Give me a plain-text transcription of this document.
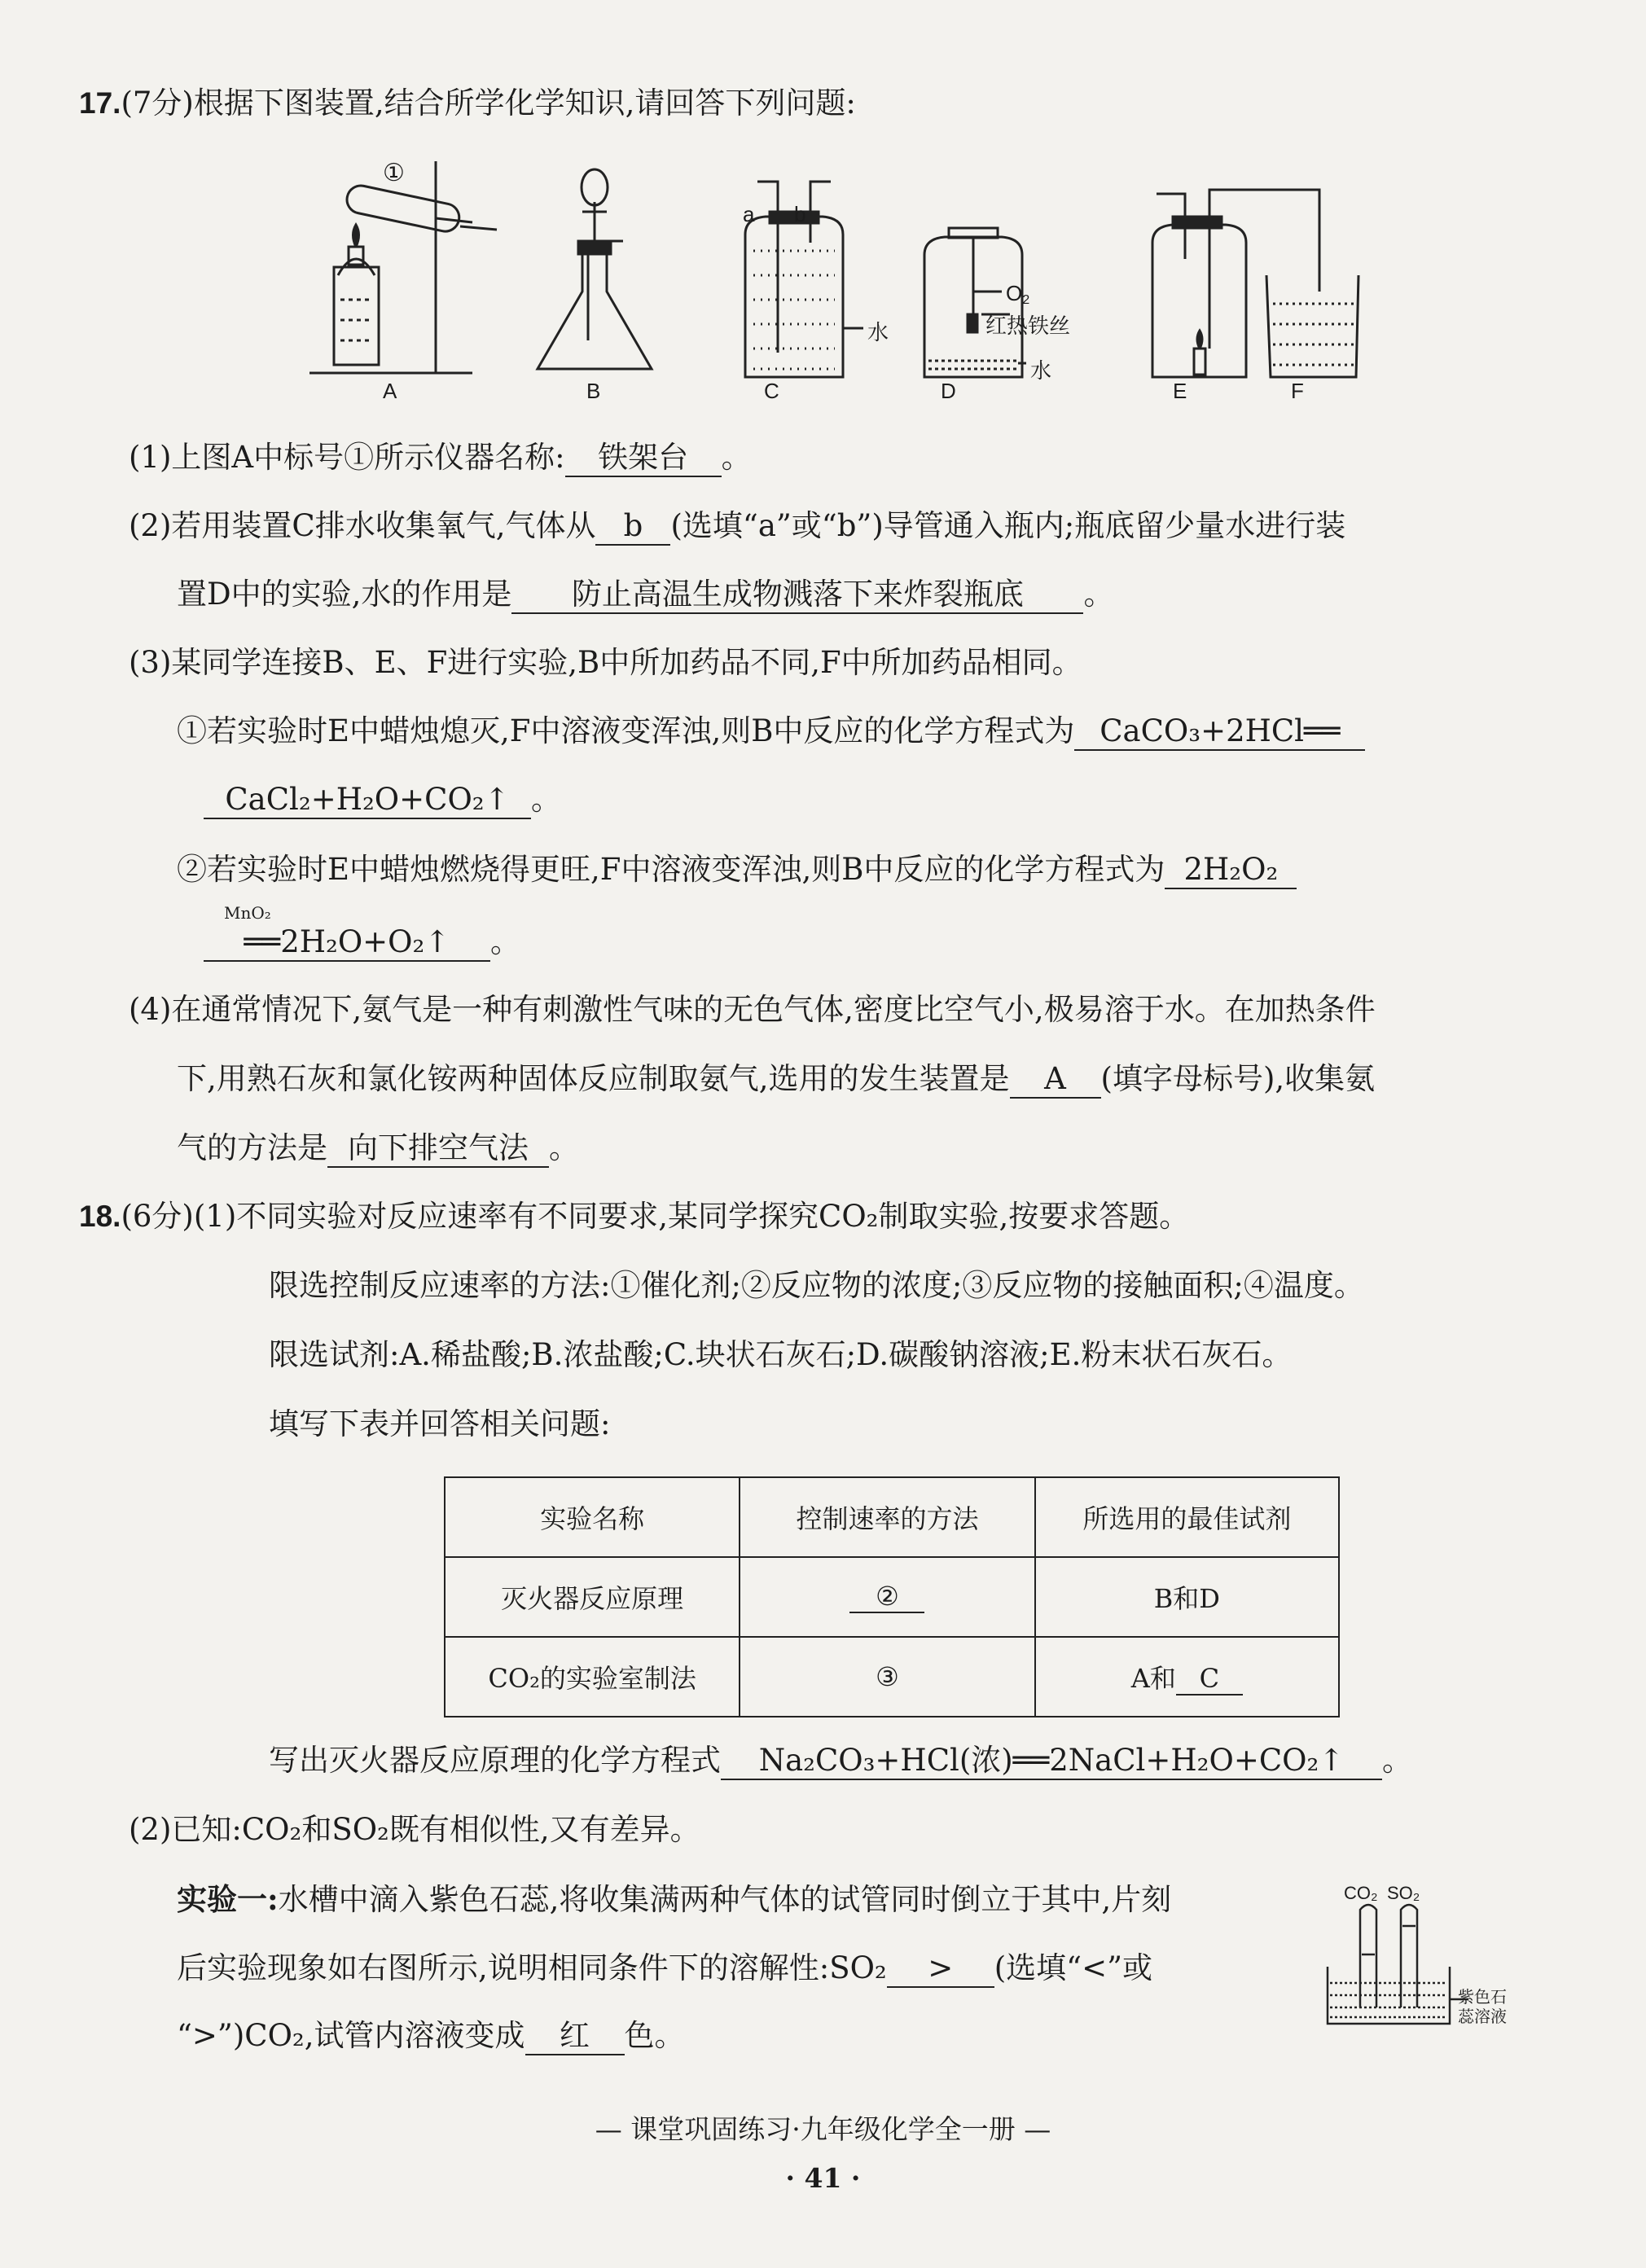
17.(7分)根据下图装置,结合所学化学知识,请回答下列问题:
①
A	B	C	D	E	F
a b
水
$O_2$
红热铁丝
水
(1)上图A中标号①所示仪器名称: 铁架台 。
(2)若用装置C排水收集氧气,气体从 b (选填“a”或“b”)导管通入瓶内;瓶底留少量水进行装
置D中的实验,水的作用是 防止高温生成物溅落下来炸裂瓶底 。
(3)某同学连接B、E、F进行实验,B中所加药品不同,F中所加药品相同。
①若实验时E中蜡烛熄灭,F中溶液变浑浊,则B中反应的化学方程式为 CaCO₃+2HCl══
CaCl₂+H₂O+CO₂↑ 。
②若实验时E中蜡烛燃烧得更旺,F中溶液变浑浊,则B中反应的化学方程式为 2H₂O₂
MnO₂
══2H₂O+O₂↑ 。
(4)在通常情况下,氨气是一种有刺激性气味的无色气体,密度比空气小,极易溶于水。在加热条件
下,用熟石灰和氯化铵两种固体反应制取氨气,选用的发生装置是 A (填字母标号),收集氨
气的方法是 向下排空气法 。
18.(6分)(1)不同实验对反应速率有不同要求,某同学探究CO₂制取实验,按要求答题。
限选控制反应速率的方法:①催化剂;②反应物的浓度;③反应物的接触面积;④温度。
限选试剂:A.稀盐酸;B.浓盐酸;C.块状石灰石;D.碳酸钠溶液;E.粉末状石灰石。
填写下表并回答相关问题:
实验名称	控制速率的方法	所选用的最佳试剂
灭火器反应原理	②	B和D
CO₂的实验室制法	③	A和 C
写出灭火器反应原理的化学方程式 Na₂CO₃+HCl(浓)══2NaCl+H₂O+CO₂↑ 。
(2)已知:CO₂和SO₂既有相似性,又有差异。
实验一:水槽中滴入紫色石蕊,将收集满两种气体的试管同时倒立于其中,片刻
后实验现象如右图所示,说明相同条件下的溶解性:SO₂ > (选填“<”或
“>”)CO₂,试管内溶液变成 红 色。
CO₂ SO₂
紫色石蕊溶液
— 课堂巩固练习·九年级化学全一册 —
· 41 ·
